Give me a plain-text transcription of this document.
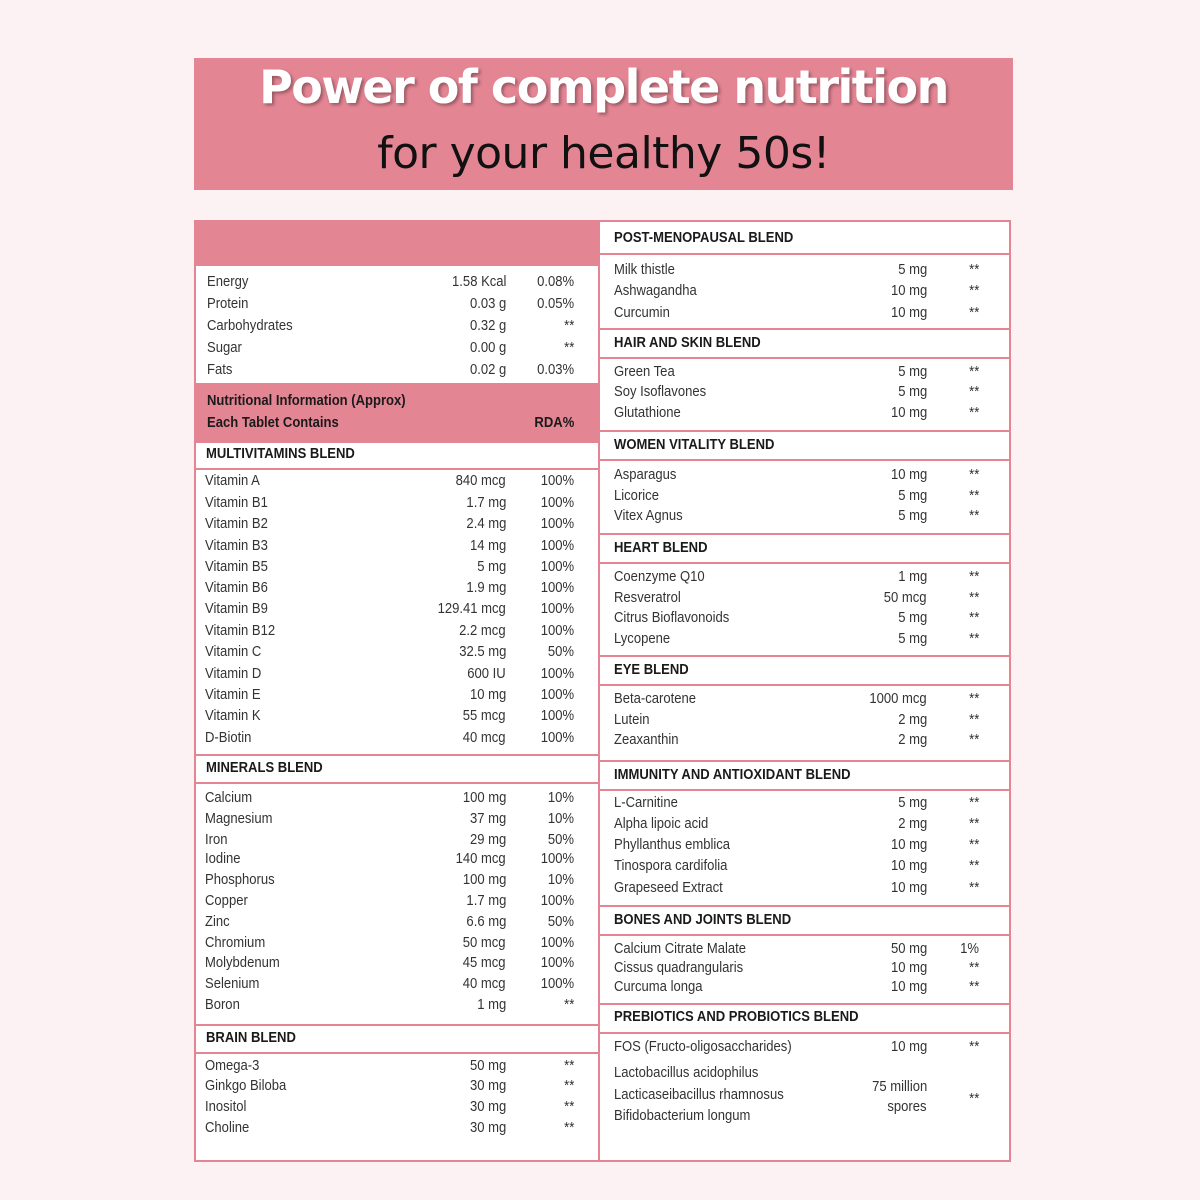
Power of complete nutrition
for your healthy 50s!
Energy	1.58 Kcal 0.08%
Protein	0.03 g 0.05%
Carbohydrates	0.32 g	**
Sugar	0.00 g	**
Fats	0.02 g 0.03%
Nutritional Information (Approx)
Each Tablet Contains	RDA%
MULTIVITAMINS BLEND
Vitamin A	840 mcg 100%
Vitamin B1	1.7 mg 100%
Vitamin B2	2.4 mg 100%
Vitamin B3	14 mg 100%
Vitamin B5	5 mg 100%
Vitamin B6	1.9 mg 100%
Vitamin B9	129.41 mcg 100%
Vitamin B12	2.2 mcg 100%
Vitamin C	32.5 mg	50%
Vitamin D	600 IU 100%
Vitamin E	10 mg 100%
Vitamin K	55 mcg 100%
D-Biotin	40 mcg 100%
MINERALS BLEND
Calcium	100 mg	10%
Magnesium	37 mg	10%
Iron	29 mg	50%
Iodine	140 mcg 100%
Phosphorus	100 mg	10%
Copper	1.7 mg 100%
Zinc	6.6 mg	50%
Chromium	50 mcg 100%
Molybdenum	45 mcg 100%
Selenium	40 mcg 100%
Boron	1 mg	**
BRAIN BLEND
Omega-3	50 mg	**
Ginkgo Biloba	30 mg	**
Inositol	30 mg	**
Choline	30 mg	**
POST-MENOPAUSAL BLEND
Milk thistle	5 mg	**
Ashwagandha	10 mg	**
Curcumin	10 mg	**
HAIR AND SKIN BLEND
Green Tea	5 mg	**
Soy Isoflavones	5 mg	**
Glutathione	10 mg	**
WOMEN VITALITY BLEND
Asparagus	10 mg	**
Licorice	5 mg	**
Vitex Agnus	5 mg	**
HEART BLEND
Coenzyme Q10	1 mg	**
Resveratrol	50 mcg	**
Citrus Bioflavonoids	5 mg	**
Lycopene	5 mg	**
EYE BLEND
Beta-carotene	1000 mcg	**
Lutein	2 mg	**
Zeaxanthin	2 mg	**
IMMUNITY AND ANTIOXIDANT BLEND
L-Carnitine	5 mg	**
Alpha lipoic acid	2 mg	**
Phyllanthus emblica	10 mg	**
Tinospora cardifolia	10 mg	**
Grapeseed Extract	10 mg	**
BONES AND JOINTS BLEND
Calcium Citrate Malate	50 mg 1%
Cissus quadrangularis	10 mg	**
Curcuma longa	10 mg	**
PREBIOTICS AND PROBIOTICS BLEND
FOS (Fructo-oligosaccharides)	10 mg	**
Lactobacillus acidophilus
Lacticaseibacillus rhamnosus
Bifidobacterium longum
75 million
spores	**
